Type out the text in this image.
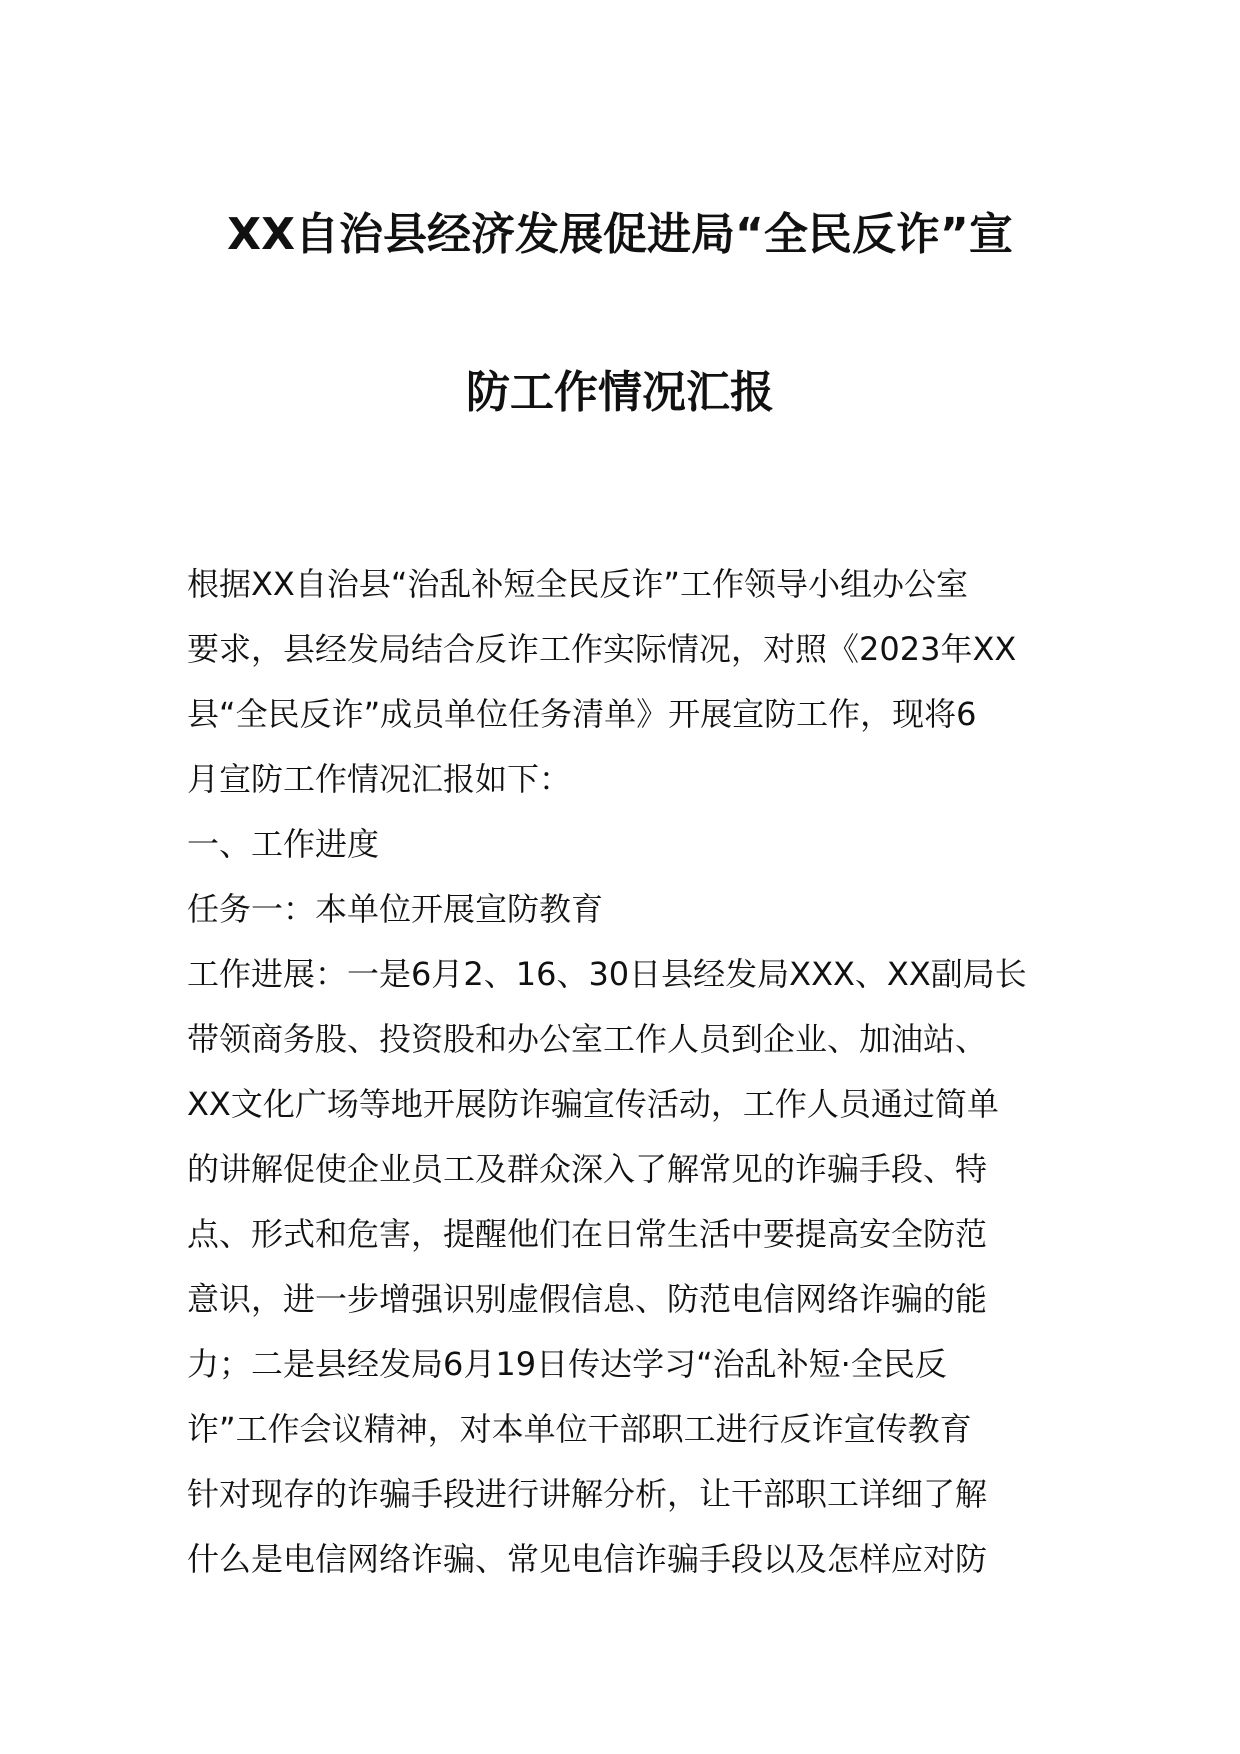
XX自治县经济发展促进局“全民反诈”宣
防工作情况汇报
根据XX自治县“治乱补短全民反诈”工作领导小组办公室
要求，县经发局结合反诈工作实际情况，对照《2023年XX
县“全民反诈”成员单位任务清单》开展宣防工作，现将6
月宣防工作情况汇报如下：
一、工作进度
任务一：本单位开展宣防教育
工作进展：一是6月2、16、30日县经发局XXX、XX副局长
带领商务股、投资股和办公室工作人员到企业、加油站、
XX文化广场等地开展防诈骗宣传活动，工作人员通过简单
的讲解促使企业员工及群众深入了解常见的诈骗手段、特
点、形式和危害，提醒他们在日常生活中要提高安全防范
意识，进一步增强识别虚假信息、防范电信网络诈骗的能
力；二是县经发局6月19日传达学习“治乱补短·全民反
诈”工作会议精神，对本单位干部职工进行反诈宣传教育
针对现存的诈骗手段进行讲解分析，让干部职工详细了解
什么是电信网络诈骗、常见电信诈骗手段以及怎样应对防
